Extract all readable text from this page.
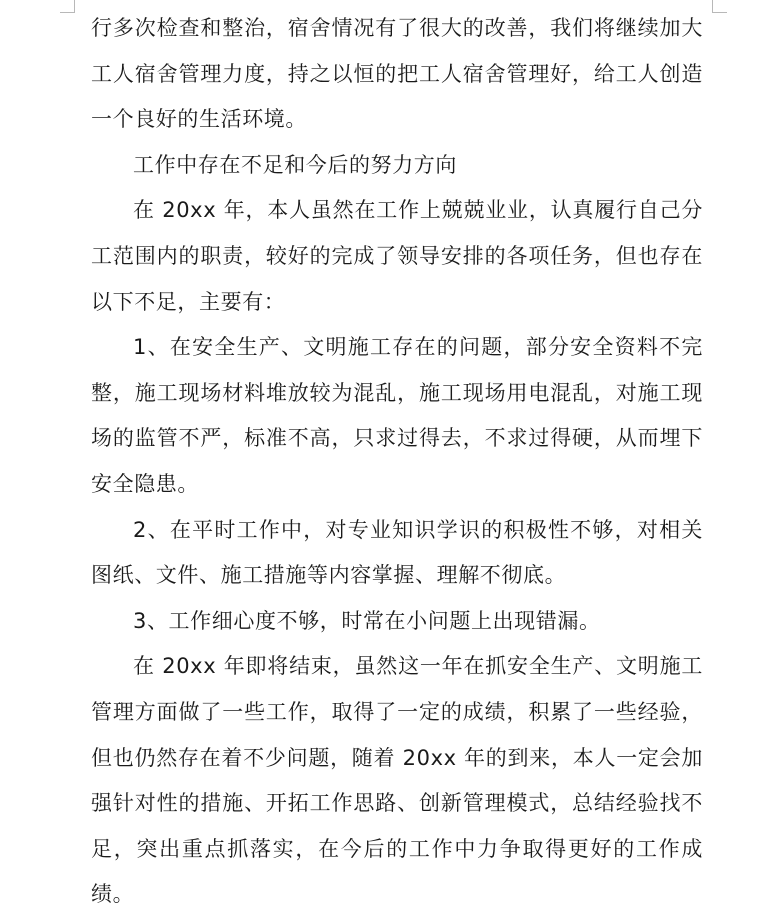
行多次检查和整治，宿舍情况有了很大的改善，我们将继续加大工人宿舍管理力度，持之以恒的把工人宿舍管理好，给工人创造一个良好的生活环境。

工作中存在不足和今后的努力方向

在 20xx 年，本人虽然在工作上兢兢业业，认真履行自己分工范围内的职责，较好的完成了领导安排的各项任务，但也存在以下不足，主要有：

1、在安全生产、文明施工存在的问题，部分安全资料不完整，施工现场材料堆放较为混乱，施工现场用电混乱，对施工现场的监管不严，标准不高，只求过得去，不求过得硬，从而埋下安全隐患。

2、在平时工作中，对专业知识学识的积极性不够，对相关图纸、文件、施工措施等内容掌握、理解不彻底。

3、工作细心度不够，时常在小问题上出现错漏。

在 20xx 年即将结束，虽然这一年在抓安全生产、文明施工管理方面做了一些工作，取得了一定的成绩，积累了一些经验，但也仍然存在着不少问题，随着 20xx 年的到来，本人一定会加强针对性的措施、开拓工作思路、创新管理模式，总结经验找不足，突出重点抓落实，在今后的工作中力争取得更好的工作成绩。
